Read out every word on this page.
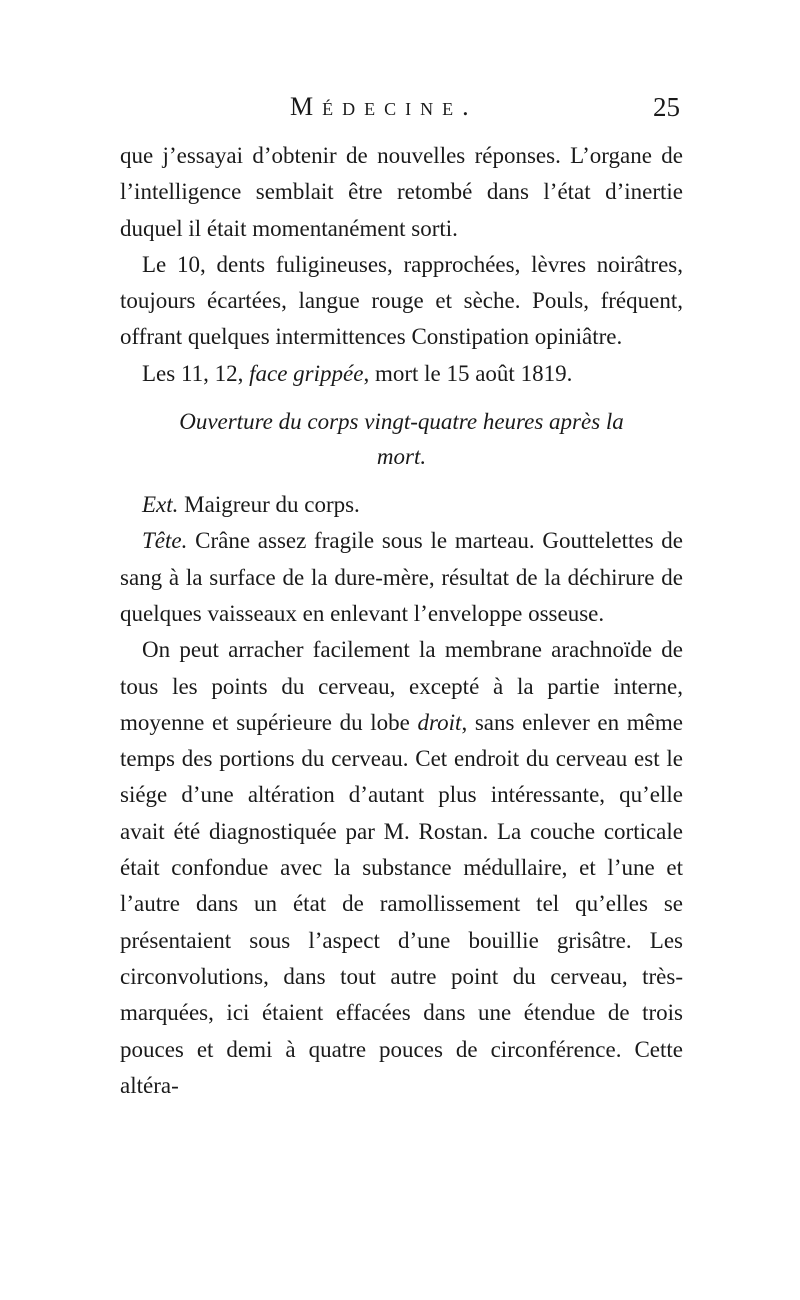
Médecine.	25

que j’essayai d’obtenir de nouvelles réponses. L’organe de l’intelligence semblait être retombé dans l’état d’inertie duquel il était momentanément sorti.

Le 10, dents fuligineuses, rapprochées, lèvres noirâtres, toujours écartées, langue rouge et sèche. Pouls, fréquent, offrant quelques intermittences Constipation opiniâtre.

Les 11, 12, face grippée, mort le 15 août 1819.

Ouverture du corps vingt-quatre heures après la mort.

Ext. Maigreur du corps.

Tête. Crâne assez fragile sous le marteau. Gouttelettes de sang à la surface de la dure-mère, résultat de la déchirure de quelques vaisseaux en enlevant l’enveloppe osseuse.

On peut arracher facilement la membrane arachnoïde de tous les points du cerveau, excepté à la partie interne, moyenne et supérieure du lobe droit, sans enlever en même temps des portions du cerveau. Cet endroit du cerveau est le siége d’une altération d’autant plus intéressante, qu’elle avait été diagnostiquée par M. Rostan. La couche corticale était confondue avec la substance médullaire, et l’une et l’autre dans un état de ramollissement tel qu’elles se présentaient sous l’aspect d’une bouillie grisâtre. Les circonvolutions, dans tout autre point du cerveau, très-marquées, ici étaient effacées dans une étendue de trois pouces et demi à quatre pouces de circonférence. Cette altéra-
